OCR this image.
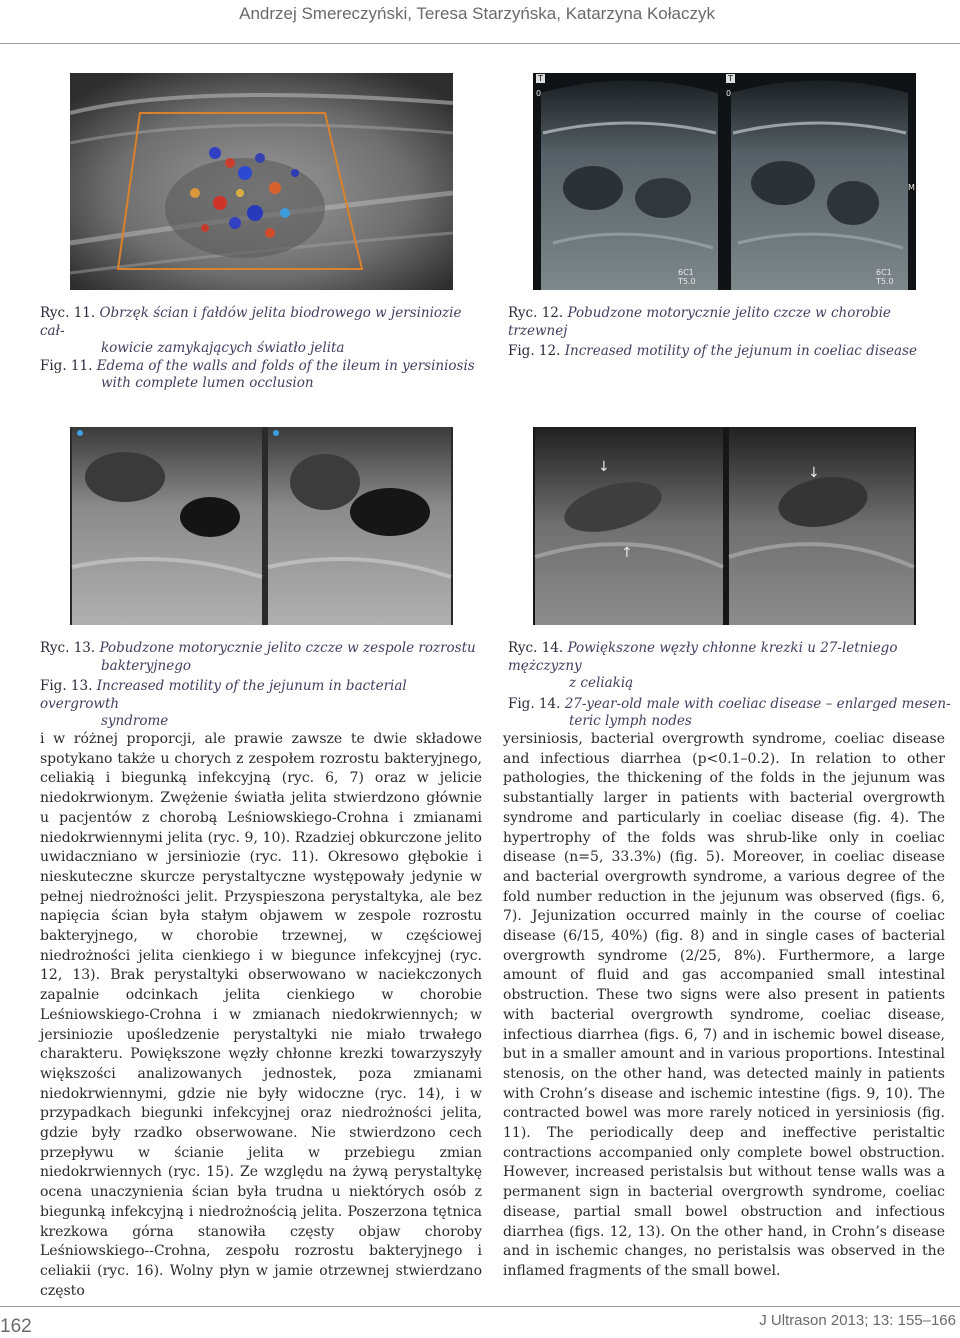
Andrzej Smereczyński, Teresa Starzyńska, Katarzyna Kołaczyk
T	T
0	0
6C1 T5.0
6C1 T5.0
M
Ryc. 11. Obrzęk ścian i fałdów jelita biodrowego w jersiniozie cał-
kowicie zamykających światło jelita
Fig. 11. Edema of the walls and folds of the ileum in yersiniosis
with complete lumen occlusion
Ryc. 12. Pobudzone motorycznie jelito czcze w chorobie trzewnej
Fig. 12. Increased motility of the jejunum in coeliac disease
↓
↑
↓
Ryc. 13. Pobudzone motorycznie jelito czcze w zespole rozrostu
bakteryjnego
Fig. 13. Increased motility of the jejunum in bacterial overgrowth
syndrome
Ryc. 14. Powiększone węzły chłonne krezki u 27-letniego mężczyzny
z celiakią
Fig. 14. 27-year-old male with coeliac disease – enlarged mesen-
teric lymph nodes
i w różnej proporcji, ale prawie zawsze te dwie składowe spotykano także u chorych z zespołem rozrostu bakteryjnego, celiakią i biegunką infekcyjną (ryc. 6, 7) oraz w jelicie niedokrwionym. Zwężenie światła jelita stwierdzono głównie u pacjentów z chorobą Leśniowskiego-Crohna i zmianami niedokrwiennymi jelita (ryc. 9, 10). Rzadziej obkurczone jelito uwidaczniano w jersiniozie (ryc. 11). Okresowo głębokie i nieskuteczne skurcze perystaltyczne występowały jedynie w pełnej niedrożności jelit. Przyspieszona perystaltyka, ale bez napięcia ścian była stałym objawem w zespole rozrostu bakteryjnego, w chorobie trzewnej, w częściowej niedrożności jelita cienkiego i w biegunce infekcyjnej (ryc. 12, 13). Brak perystaltyki obserwowano w naciekczonych zapalnie odcinkach jelita cienkiego w chorobie Leśniowskiego-Crohna i w zmianach niedokrwiennych; w jersiniozie upośledzenie perystaltyki nie miało trwałego charakteru. Powiększone węzły chłonne krezki towarzyszyły większości analizowanych jednostek, poza zmianami niedokrwiennymi, gdzie nie były widoczne (ryc. 14), i w przypadkach biegunki infekcyjnej oraz niedrożności jelita, gdzie były rzadko obserwowane. Nie stwierdzono cech przepływu w ścianie jelita w przebiegu zmian niedokrwiennych (ryc. 15). Ze względu na żywą perystaltykę ocena unaczynienia ścian była trudna u niektórych osób z biegunką infekcyjną i niedrożnością jelita. Poszerzona tętnica krezkowa górna stanowiła częsty objaw choroby Leśniowskiego--Crohna, zespołu rozrostu bakteryjnego i celiakii (ryc. 16). Wolny płyn w jamie otrzewnej stwierdzano często
yersiniosis, bacterial overgrowth syndrome, coeliac disease and infectious diarrhea (p<0.1–0.2). In relation to other pathologies, the thickening of the folds in the jejunum was substantially larger in patients with bacterial overgrowth syndrome and particularly in coeliac disease (fig. 4). The hypertrophy of the folds was shrub-like only in coeliac disease (n=5, 33.3%) (fig. 5). Moreover, in coeliac disease and bacterial overgrowth syndrome, a various degree of the fold number reduction in the jejunum was observed (figs. 6, 7). Jejunization occurred mainly in the course of coeliac disease (6/15, 40%) (fig. 8) and in single cases of bacterial overgrowth syndrome (2/25, 8%). Furthermore, a large amount of fluid and gas accompanied small intestinal obstruction. These two signs were also present in patients with bacterial overgrowth syndrome, coeliac disease, infectious diarrhea (figs. 6, 7) and in ischemic bowel disease, but in a smaller amount and in various proportions. Intestinal stenosis, on the other hand, was detected mainly in patients with Crohn’s disease and ischemic intestine (figs. 9, 10). The contracted bowel was more rarely noticed in yersiniosis (fig. 11). The periodically deep and ineffective peristaltic contractions accompanied only complete bowel obstruction. However, increased peristalsis but without tense walls was a permanent sign in bacterial overgrowth syndrome, coeliac disease, partial small bowel obstruction and infectious diarrhea (figs. 12, 13). On the other hand, in Crohn’s disease and in ischemic changes, no peristalsis was observed in the inflamed fragments of the small bowel.
162	J Ultrason 2013; 13: 155–166
